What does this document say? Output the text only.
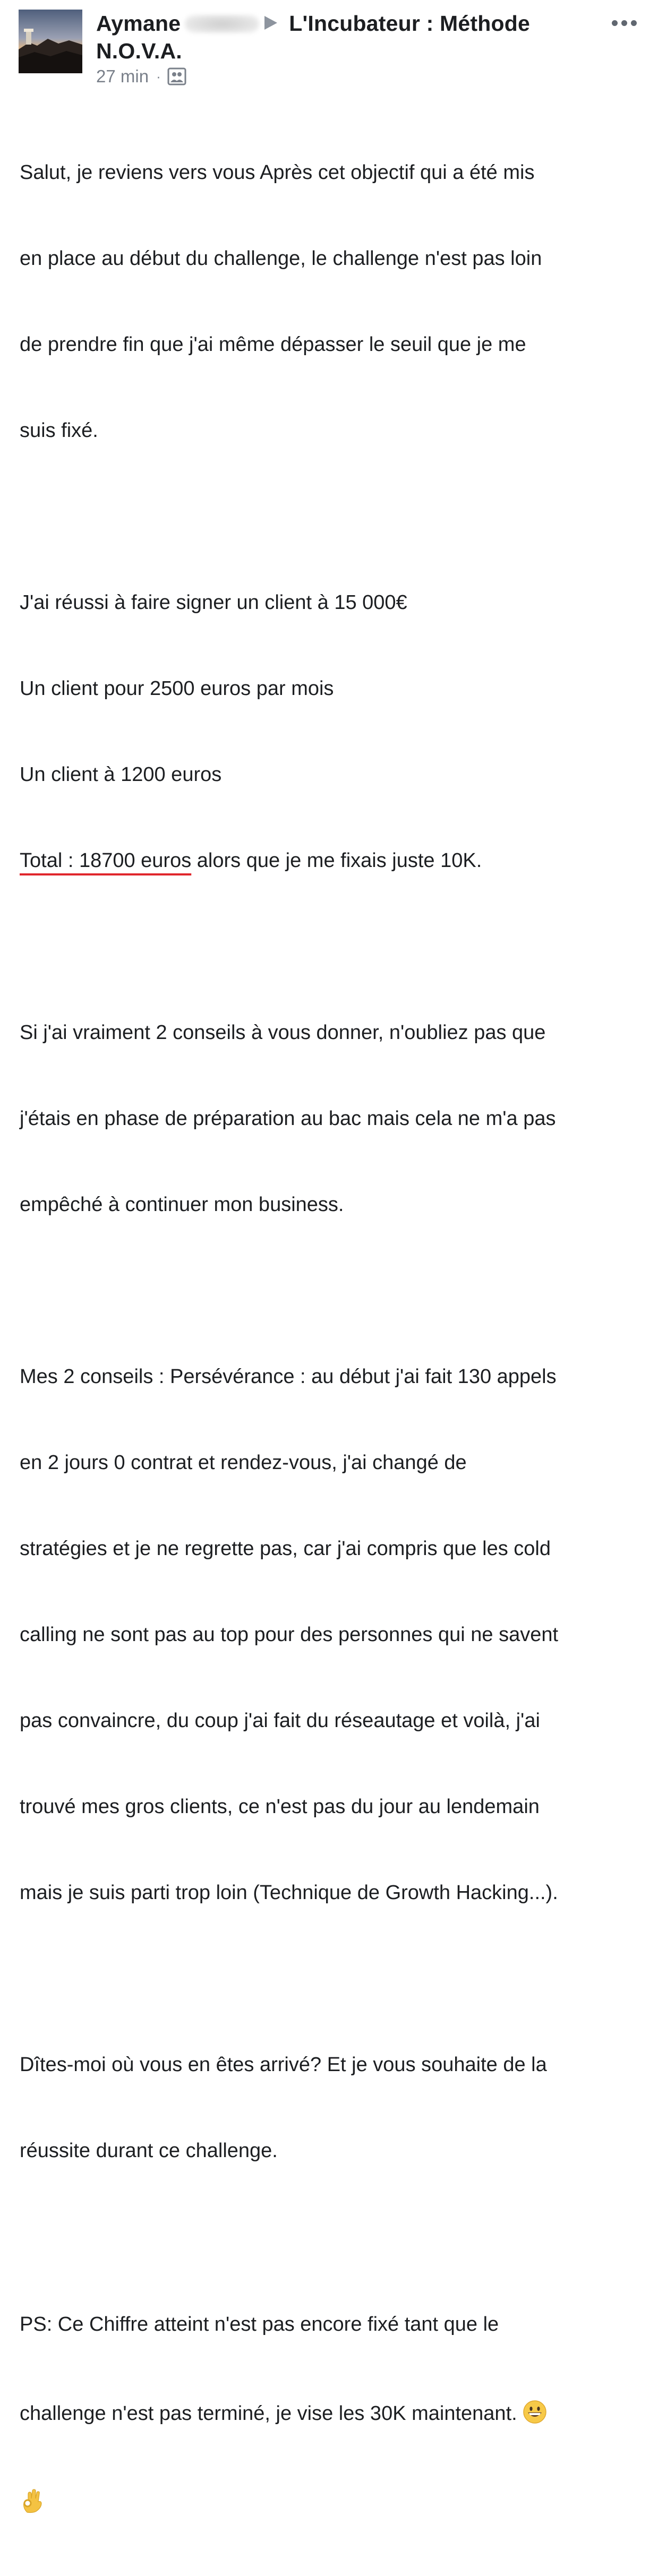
Aymane	L'Incubateur : Méthode
N.O.V.A.
27 min ·

Salut, je reviens vers vous Après cet objectif qui a été mis

en place au début du challenge, le challenge n'est pas loin

de prendre fin que j'ai même dépasser le seuil que je me

suis fixé.

J'ai réussi à faire signer un client à 15 000€

Un client pour 2500 euros par mois

Un client à 1200 euros

Total : 18700 euros alors que je me fixais juste 10K.

Si j'ai vraiment 2 conseils à vous donner, n'oubliez pas que

j'étais en phase de préparation au bac mais cela ne m'a pas

empêché à continuer mon business.

Mes 2 conseils : Persévérance : au début j'ai fait 130 appels

en 2 jours 0 contrat et rendez-vous, j'ai changé de

stratégies et je ne regrette pas, car j'ai compris que les cold

calling ne sont pas au top pour des personnes qui ne savent

pas convaincre, du coup j'ai fait du réseautage et voilà, j'ai

trouvé mes gros clients, ce n'est pas du jour au lendemain

mais je suis parti trop loin (Technique de Growth Hacking...).

Dîtes-moi où vous en êtes arrivé? Et je vous souhaite de la

réussite durant ce challenge.

PS: Ce Chiffre atteint n'est pas encore fixé tant que le

challenge n'est pas terminé, je vise les 30K maintenant.
